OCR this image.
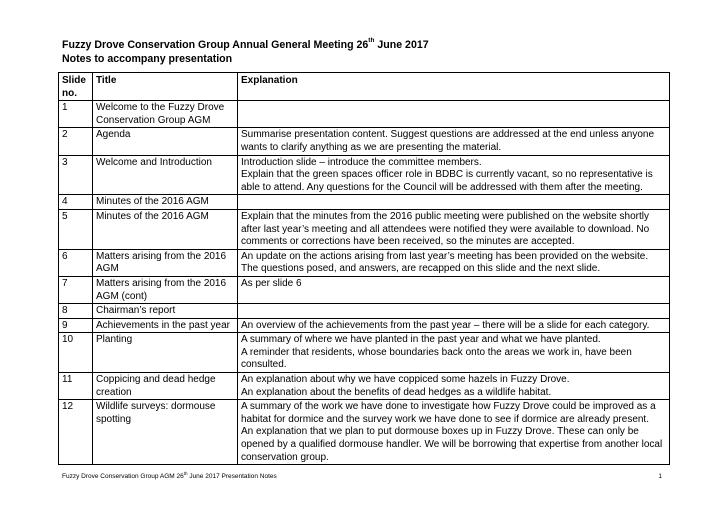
Fuzzy Drove Conservation Group Annual General Meeting 26th June 2017
Notes to accompany presentation
Slide no.	Title	Explanation
1	Welcome to the Fuzzy Drove Conservation Group AGM	
2	Agenda	Summarise presentation content. Suggest questions are addressed at the end unless anyone wants to clarify anything as we are presenting the material.

3	Welcome and Introduction	Introduction slide – introduce the committee members.
Explain that the green spaces officer role in BDBC is currently vacant, so no representative is able to attend. Any questions for the Council will be addressed with them after the meeting.

4	Minutes of the 2016 AGM	
5	Minutes of the 2016 AGM	Explain that the minutes from the 2016 public meeting were published on the website shortly after last year’s meeting and all attendees were notified they were available to download. No comments or corrections have been received, so the minutes are accepted.

6	Matters arising from the 2016 AGM	An update on the actions arising from last year’s meeting has been provided on the website.
The questions posed, and answers, are recapped on this slide and the next slide.

7	Matters arising from the 2016 AGM (cont)	As per slide 6

8	Chairman’s report	
9	Achievements in the past year	An overview of the achievements from the past year – there will be a slide for each category.

10	Planting	A summary of where we have planted in the past year and what we have planted.
A reminder that residents, whose boundaries back onto the areas we work in, have been consulted.

11	Coppicing and dead hedge creation	An explanation about why we have coppiced some hazels in Fuzzy Drove.
An explanation about the benefits of dead hedges as a wildlife habitat.

12	Wildlife surveys: dormouse spotting	A summary of the work we have done to investigate how Fuzzy Drove could be improved as a habitat for dormice and the survey work we have done to see if dormice are already present.
An explanation that we plan to put dormouse boxes up in Fuzzy Drove. These can only be opened by a qualified dormouse handler. We will be borrowing that expertise from another local conservation group.
Fuzzy Drove Conservation Group AGM 26th June 2017 Presentation Notes	1
